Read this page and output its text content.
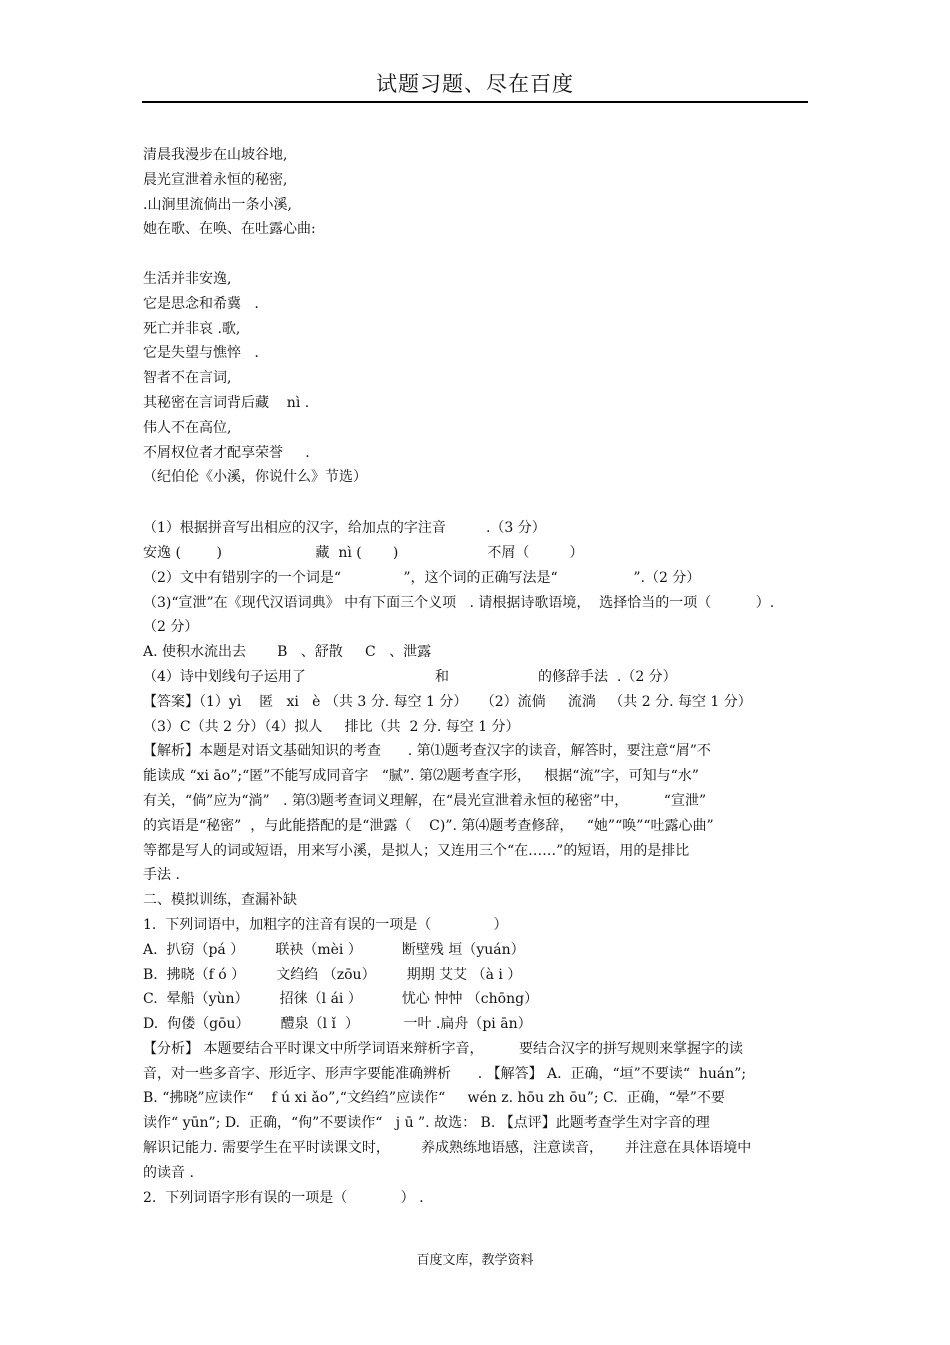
试题习题、尽在百度
清晨我漫步在山坡谷地,
晨光宣泄着永恒的秘密,
.山涧里流倘出一条小溪,
她在歌、在唤、在吐露心曲:
生活并非安逸,
它是思念和希冀   .
死亡并非哀 .歌,
它是失望与憔悴   .
智者不在言词,
其秘密在言词背后藏    nì .
伟人不在高位,
不屑权位者才配享荣誉     .
（纪伯伦《小溪，你说什么》节选）
（1）根据拼音写出相应的汉字，给加点的字注音         .（3 分）
安逸 (        )                     藏  nì (       )                    不屑（         ）
（2）文中有错别字的一个词是“              ”，这个词的正确写法是“                 ”.（2 分）
（3)“宣泄”在《现代汉语词典》 中有下面三个义项   . 请根据诗歌语境，  选择恰当的一项（          ）.
（2 分）
A. 使积水流出去       B   、舒散     C   、泄露
（4）诗中划线句子运用了                             和                    的修辞手法  .（2 分）
【答案】（1）yì    匿   xi   è （共 3 分. 每空 1 分）   （2）流倘     流淌   （共 2 分. 每空 1 分）
（3）C（共 2 分）（4）拟人     排比（共  2 分. 每空 1 分）
【解析】本题是对语文基础知识的考查      . 第⑴题考查汉字的读音，解答时，要注意“屑”不
能读成 “xi āo”;“匿”不能写成同音字   “腻”. 第⑵题考查字形，   根据“流”字，可知与“水”
有关，“倘”应为“淌”   . 第⑶题考查词义理解，在“晨光宣泄着永恒的秘密”中，        “宣泄”
的宾语是“秘密”  ，与此能搭配的是“泄露（    C)”. 第⑷题考查修辞，   “她”“唤”“吐露心曲”
等都是写人的词或短语，用来写小溪，是拟人；又连用三个“在……”的短语，用的是排比
手法 .
二、模拟训练，查漏补缺
1.  下列词语中，加粗字的注音有误的一项是（              ）
A.  扒窃（pá ）       联袂（mèi ）         断壁残 垣（yuán）
B.  拂晓（f ó ）       文绉绉 （zōu）       期期 艾艾 （à i ）
C.  晕船（yùn）       招徕（l ái ）         忧心 忡忡 （chōng）
D.  佝偻（gōu）       醴泉（l ǐ  ）          一叶 .扁舟（pi ān）
【分析】 本题要结合平时课文中所学词语来辩析字音，        要结合汉字的拼写规则来掌握字的读
音，对一些多音字、形近字、形声字要能准确辨析      . 【解答】 A.  正确，“垣”不要读“  huán”;
B. “拂晓”应读作“    f ú xi ǎo”,“文绉绉”应读作“     wén z. hōu zh ōu”; C.  正确，“晕”不要
读作“ yūn”; D.  正确，“佝”不要读作“   j ū ”. 故选： B. 【点评】此题考查学生对字音的理
解识记能力. 需要学生在平时读课文时，       养成熟练地语感，注意读音，     并注意在具体语境中
的读音 .
2.  下列词语字形有误的一项是（            ） .
百度文库，教学资料
